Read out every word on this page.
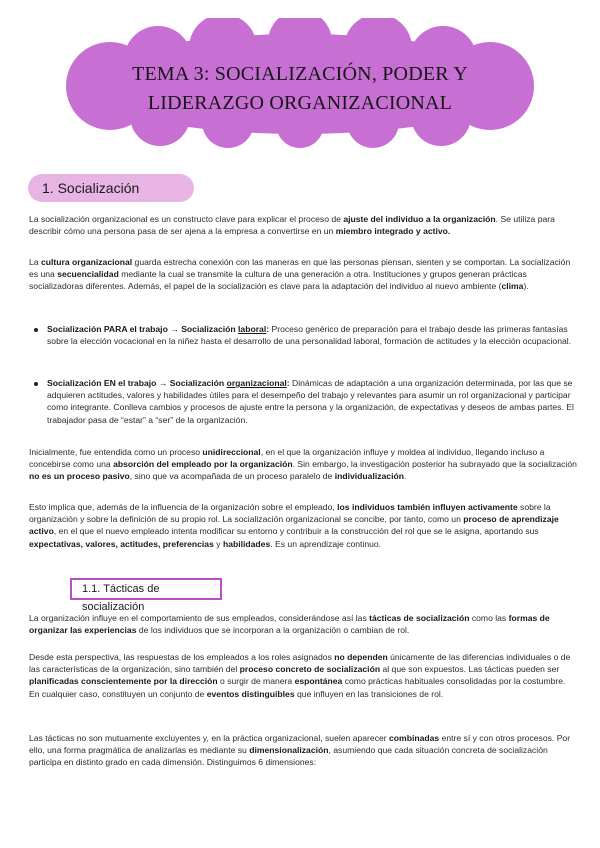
TEMA 3: SOCIALIZACIÓN, PODER Y
LIDERAZGO ORGANIZACIONAL
1. Socialización

La socialización organizacional es un constructo clave para explicar el proceso de ajuste del individuo a la organización. Se utiliza para describir cómo una persona pasa de ser ajena a la empresa a convertirse en un miembro integrado y activo.

La cultura organizacional guarda estrecha conexión con las maneras en que las personas piensan, sienten y se comportan. La socialización es una secuencialidad mediante la cual se transmite la cultura de una generación a otra. Instituciones y grupos generan prácticas socializadoras diferentes. Además, el papel de la socialización es clave para la adaptación del individuo al nuevo ambiente (clima).

Socialización PARA el trabajo → Socialización laboral: Proceso genérico de preparación para el trabajo desde las primeras fantasías sobre la elección vocacional en la niñez hasta el desarrollo de una personalidad laboral, formación de actitudes y la elección ocupacional.
Socialización EN el trabajo → Socialización organizacional: Dinámicas de adaptación a una organización determinada, por las que se adquieren actitudes, valores y habilidades útiles para el desempeño del trabajo y relevantes para asumir un rol organizacional y participar como integrante. Conlleva cambios y procesos de ajuste entre la persona y la organización, de expectativas y deseos de ambas partes. El trabajador pasa de “estar” a “ser” de la organización.

Inicialmente, fue entendida como un proceso unidireccional, en el que la organización influye y moldea al individuo, llegando incluso a concebirse como una absorción del empleado por la organización. Sin embargo, la investigación posterior ha subrayado que la socialización no es un proceso pasivo, sino que va acompañada de un proceso paralelo de individualización.

Esto implica que, además de la influencia de la organización sobre el empleado, los individuos también influyen activamente sobre la organización y sobre la definición de su propio rol. La socialización organizacional se concibe, por tanto, como un proceso de aprendizaje activo, en el que el nuevo empleado intenta modificar su entorno y contribuir a la construcción del rol que se le asigna, aportando sus expectativas, valores, actitudes, preferencias y habilidades. Es un aprendizaje continuo.

1.1. Tácticas de socialización

La organización influye en el comportamiento de sus empleados, considerándose así las tácticas de socialización como las formas de organizar las experiencias de los individuos que se incorporan a la organización o cambian de rol.

Desde esta perspectiva, las respuestas de los empleados a los roles asignados no dependen únicamente de las diferencias individuales o de las características de la organización, sino también del proceso concreto de socialización al que son expuestos. Las tácticas pueden ser planificadas conscientemente por la dirección o surgir de manera espontánea como prácticas habituales consolidadas por la costumbre. En cualquier caso, constituyen un conjunto de eventos distinguibles que influyen en las transiciones de rol.

Las tácticas no son mutuamente excluyentes y, en la práctica organizacional, suelen aparecer combinadas entre sí y con otros procesos. Por ello, una forma pragmática de analizarlas es mediante su dimensionalización, asumiendo que cada situación concreta de socialización participa en distinto grado en cada dimensión. Distinguimos 6 dimensiones:
